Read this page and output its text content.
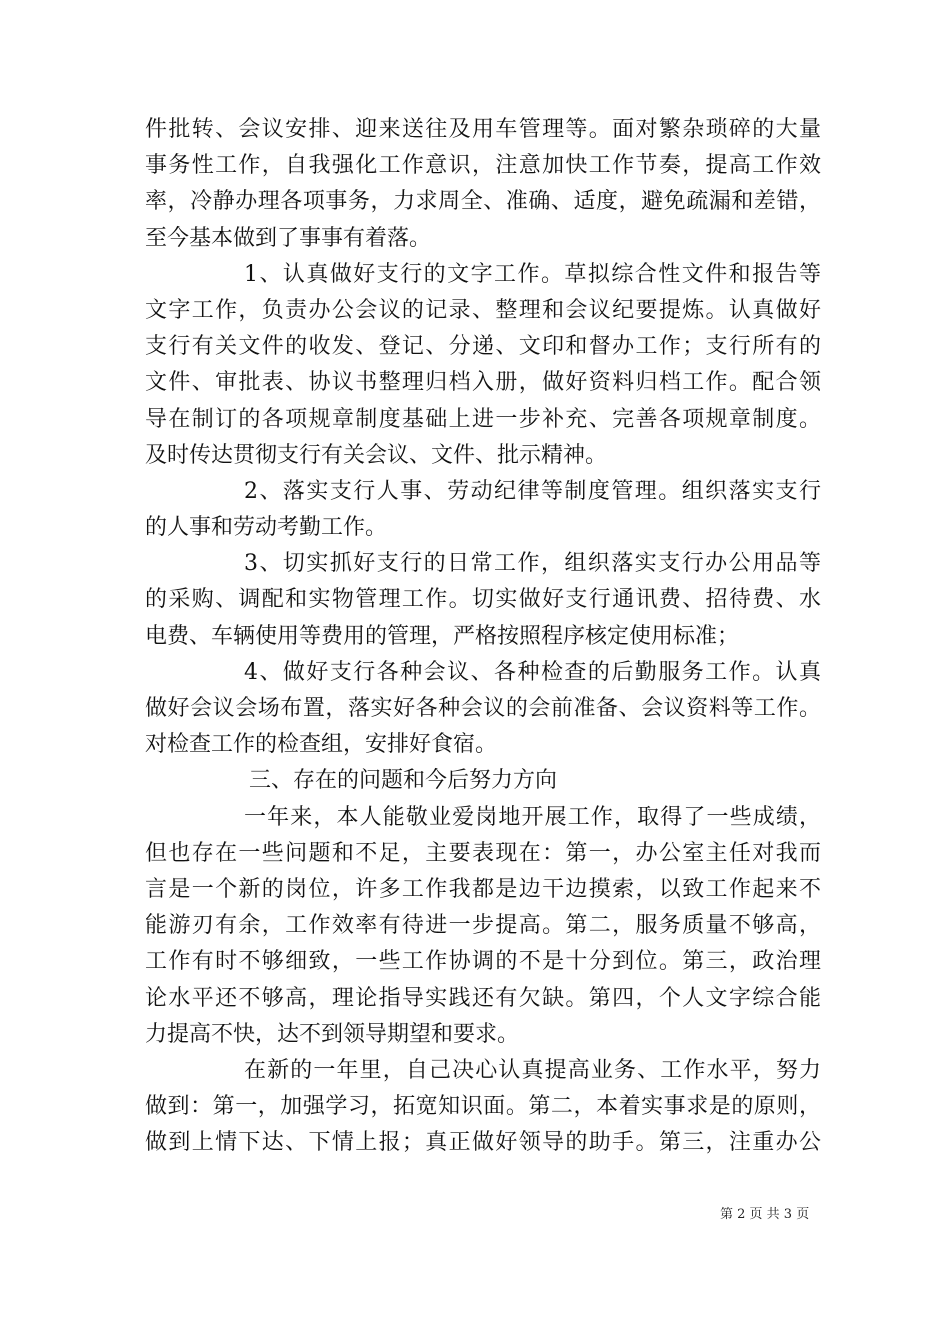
件批转、会议安排、迎来送往及用车管理等。面对繁杂琐碎的大量
事务性工作，自我强化工作意识，注意加快工作节奏，提高工作效
率，冷静办理各项事务，力求周全、准确、适度，避免疏漏和差错，
至今基本做到了事事有着落。
1、认真做好支行的文字工作。草拟综合性文件和报告等
文字工作，负责办公会议的记录、整理和会议纪要提炼。认真做好
支行有关文件的收发、登记、分递、文印和督办工作；支行所有的
文件、审批表、协议书整理归档入册，做好资料归档工作。配合领
导在制订的各项规章制度基础上进一步补充、完善各项规章制度。
及时传达贯彻支行有关会议、文件、批示精神。
2、落实支行人事、劳动纪律等制度管理。组织落实支行
的人事和劳动考勤工作。
3、切实抓好支行的日常工作，组织落实支行办公用品等
的采购、调配和实物管理工作。切实做好支行通讯费、招待费、水
电费、车辆使用等费用的管理，严格按照程序核定使用标准；
4、做好支行各种会议、各种检查的后勤服务工作。认真
做好会议会场布置，落实好各种会议的会前准备、会议资料等工作。
对检查工作的检查组，安排好食宿。
三、存在的问题和今后努力方向
一年来，本人能敬业爱岗地开展工作，取得了一些成绩，
但也存在一些问题和不足，主要表现在：第一，办公室主任对我而
言是一个新的岗位，许多工作我都是边干边摸索，以致工作起来不
能游刃有余，工作效率有待进一步提高。第二，服务质量不够高，
工作有时不够细致，一些工作协调的不是十分到位。第三，政治理
论水平还不够高，理论指导实践还有欠缺。第四，个人文字综合能
力提高不快，达不到领导期望和要求。
在新的一年里，自己决心认真提高业务、工作水平，努力
做到：第一，加强学习，拓宽知识面。第二，本着实事求是的原则，
做到上情下达、下情上报；真正做好领导的助手。第三，注重办公
第 2 页 共 3 页
